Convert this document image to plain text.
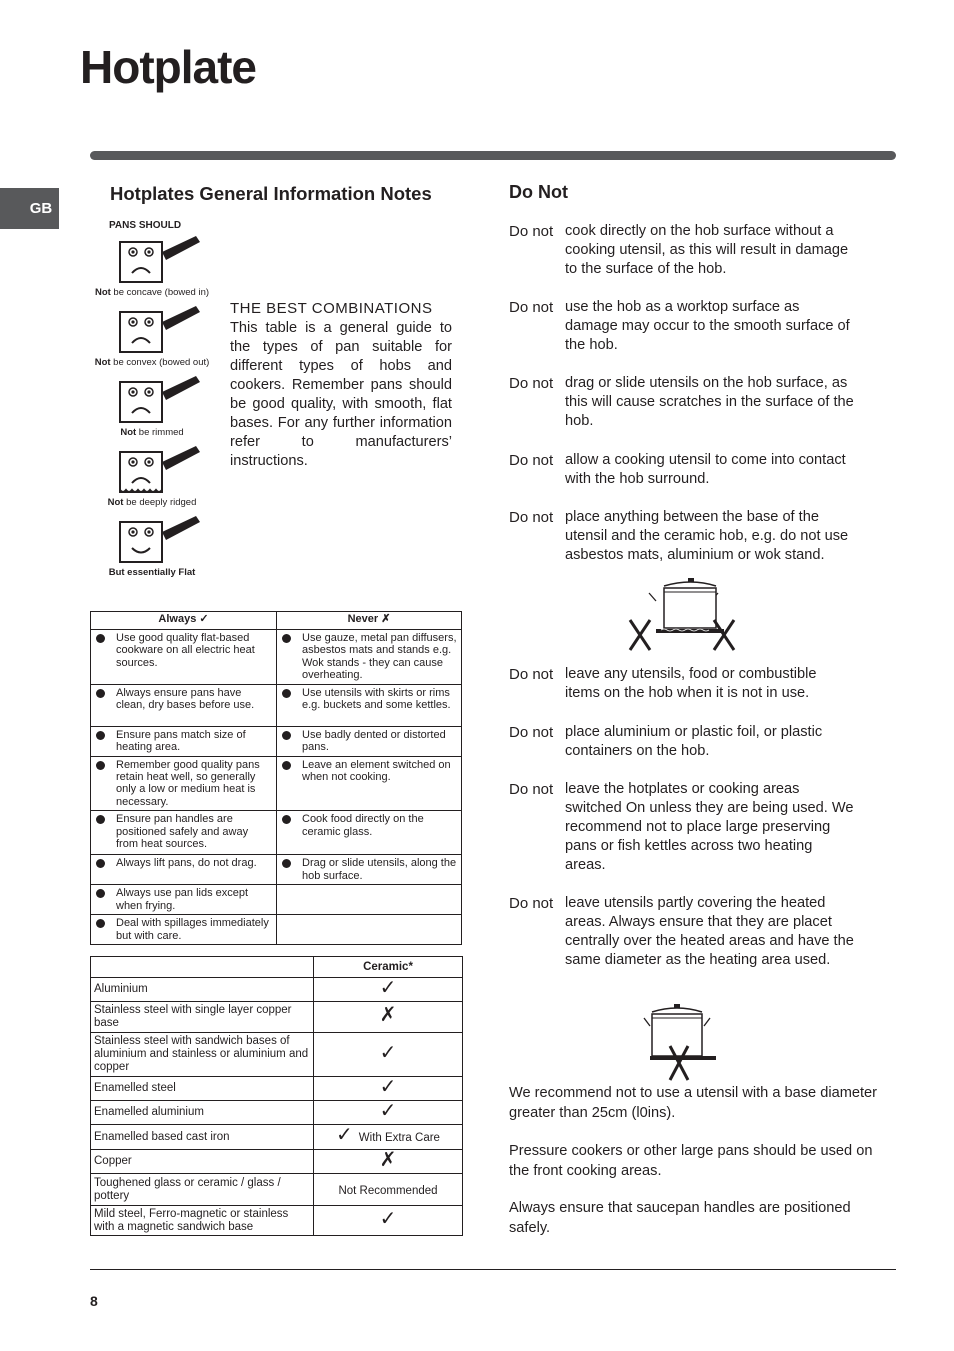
Hotplate
GB
Hotplates General Information Notes
PANS SHOULD
Not be concave (bowed in)
Not be convex (bowed out)
Not be rimmed
Not be deeply ridged
But essentially Flat
THE BEST COMBINATIONS
This table is a general guide to the types of pan suitable for different types of hobs and cookers. Remember pans should be good quality, with smooth, flat bases. For any further information refer to manufacturers’ instructions.
Always ✓	Never ✗

Use good quality flat-based cookware on all electric heat sources.	Use gauze, metal pan diffusers, asbestos mats and stands e.g. Wok stands - they can cause overheating.

Always ensure pans have clean, dry bases before use.	Use utensils with skirts or rims e.g. buckets and some kettles.

Ensure pans match size of heating area.	Use badly dented or distorted pans.

Remember good quality pans retain heat well, so generally only a low or medium heat is necessary.	Leave an element switched on when not cooking.

Ensure pan handles are positioned safely and away from heat sources.	Cook food directly on the ceramic glass.

Always lift pans, do not drag.	Drag or slide utensils, along the hob surface.

Always use pan lids except when frying.	

Deal with spillages immediately but with care.	

	Ceramic*
Aluminium	✓
Stainless steel with single layer copper base	✗
Stainless steel with sandwich bases of aluminium and stainless or aluminium and copper	✓
Enamelled steel	✓
Enamelled aluminium	✓
Enamelled based cast iron	✓ With Extra Care
Copper	✗
Toughened glass or ceramic / glass / pottery	Not Recommended
Mild steel, Ferro-magnetic or stainless with a magnetic sandwich base	✓
Do Not
Do not cook directly on the hob surface without a cooking utensil, as this will result in damage to the surface of the hob.
Do not use the hob as a worktop surface as damage may occur to the smooth surface of the hob.
Do not drag or slide utensils on the hob surface, as this will cause scratches in the surface of the hob.
Do not allow a cooking utensil to come into contact with the hob surround.
Do not place anything between the base of the utensil and the ceramic hob, e.g. do not use asbestos mats, aluminium or wok stand.
Do not leave any utensils, food or combustible items on the hob when it is not in use.
Do not place aluminium or plastic foil, or plastic containers on the hob.
Do not leave the hotplates or cooking areas switched On unless they are being used. We recommend not to place large preserving pans or fish kettles across two heating areas.
Do not leave utensils partly covering the heated areas. Always ensure that they are placet centrally over the heated areas and have the same diameter as the heating area used.
We recommend not to use a utensil with a base diameter greater than 25cm (l0ins).
Pressure cookers or other large pans should be used on the front cooking areas.
Always ensure that saucepan handles are positioned safely.
8
